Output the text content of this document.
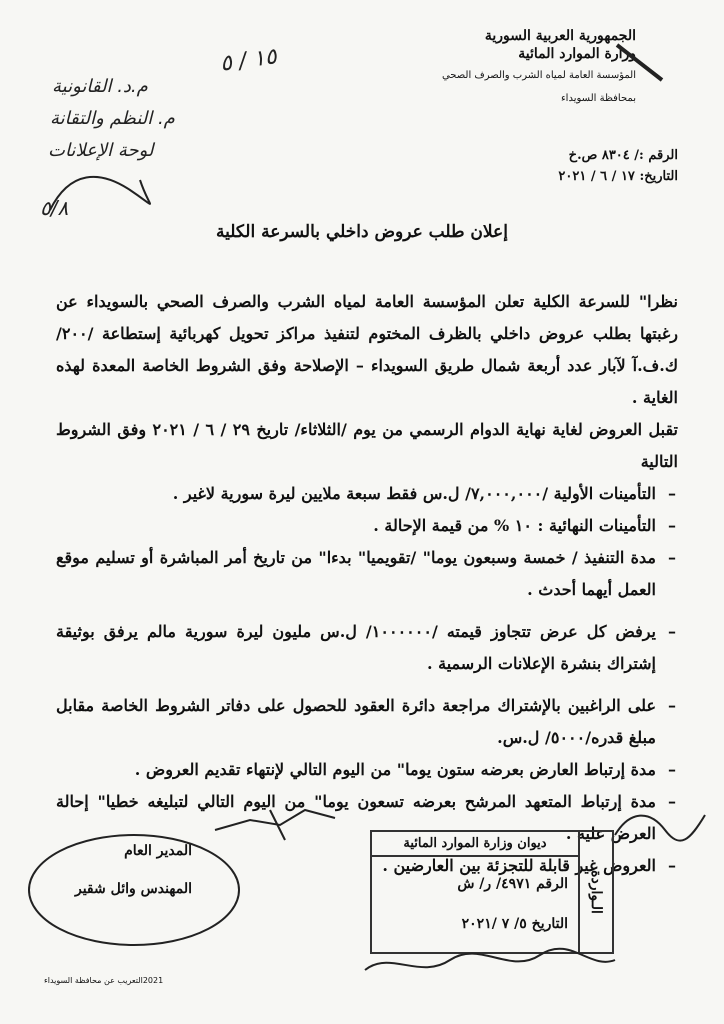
الجمهورية العربية السورية
وزارة الموارد المائية
المؤسسة العامة لمياه الشرب والصرف الصحي
بمحافظة السويداء
الرقم :/ ٨٣٠٤ ص.خ
التاريخ: ١٧ / ٦ / ٢٠٢١
١٥ / ٥
م.د. القانونية
م. النظم والتقانة
لوحة الإعلانات
٥/٨
إعلان طلب عروض داخلي بالسرعة الكلية

نظرا" للسرعة الكلية تعلن المؤسسة العامة لمياه الشرب والصرف الصحي بالسويداء عن رغبتها بطلب عروض داخلي بالظرف المختوم لتنفيذ مراكز تحويل كهربائية إستطاعة /٢٠٠/ ك.ف.آ لآبار عدد أربعة شمال طريق السويداء – الإصلاحة وفق الشروط الخاصة المعدة لهذه الغاية .

تقبل العروض لغاية نهاية الدوام الرسمي من يوم /الثلاثاء/ تاريخ ٢٩ / ٦ / ٢٠٢١ وفق الشروط التالية

– التأمينات الأولية /٧,٠٠٠,٠٠٠/ ل.س فقط سبعة ملايين ليرة سورية لاغير .
– التأمينات النهائية : ١٠ % من قيمة الإحالة .
– مدة التنفيذ / خمسة وسبعون يوما" /تقويميا" بدءا" من تاريخ أمر المباشرة أو تسليم موقع العمل أيهما أحدث .
– يرفض كل عرض تتجاوز قيمته /١٠٠٠٠٠٠/ ل.س مليون ليرة سورية مالم يرفق بوثيقة إشتراك بنشرة الإعلانات الرسمية .
– على الراغبين بالإشتراك مراجعة دائرة العقود للحصول على دفاتر الشروط الخاصة مقابل مبلغ قدره/٥٠٠٠/ ل.س.
– مدة إرتباط العارض بعرضه ستون يوما" من اليوم التالي لإنتهاء تقديم العروض .
– مدة إرتباط المتعهد المرشح بعرضه تسعون يوما" من اليوم التالي لتبليغه خطيا" إحالة العرض عليه .
– العروض غير قابلة للتجزئة بين العارضين .
المدير العام
المهندس وائل شقير
ديوان وزارة الموارد المائية
الـواردة
الرقم ٤٩٧١/ ر/ ش
التاريخ ٥/ ٧ /٢٠٢١
2021التعريب عن محافظة السويداء
